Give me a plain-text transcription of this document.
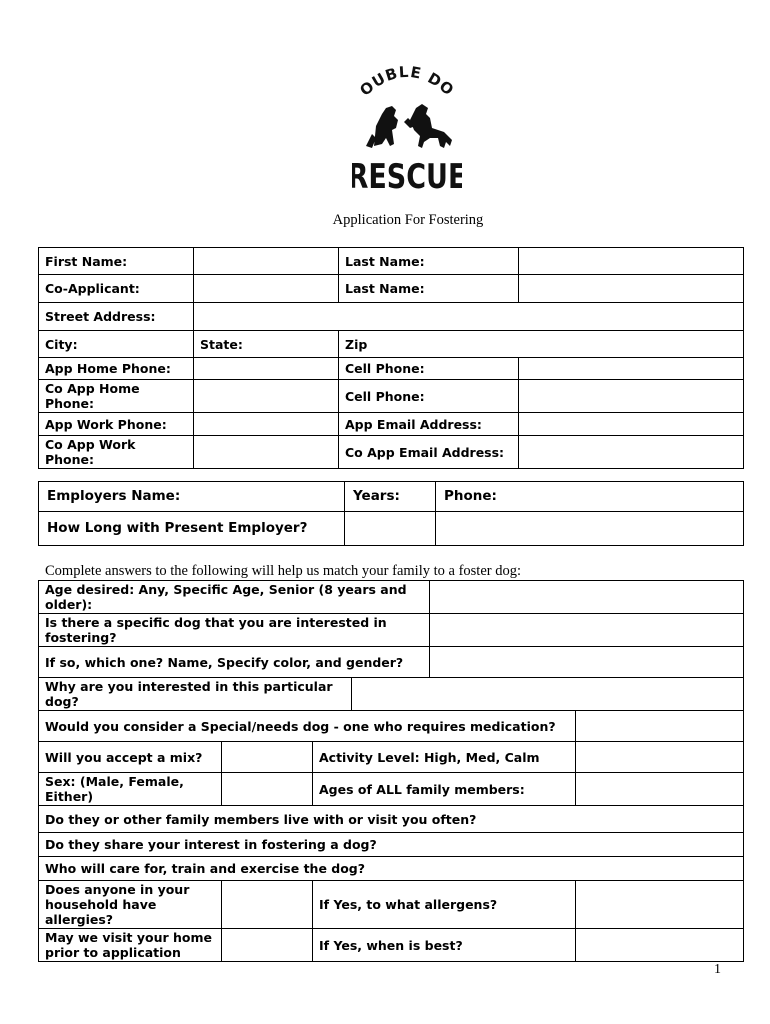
OUBLE DO
RESCUE
Application For Fostering
First Name:		Last Name:	
Co-Applicant:		Last Name:	
Street Address:			
City:	State:	Zip	
App Home Phone:		Cell Phone:	
Co App Home Phone:		Cell Phone:	
App Work Phone:		App Email Address:	
Co App Work Phone:		Co App Email Address:	
Employers Name:	Years:	Phone:
How Long with Present Employer?		
Complete answers to the following will help us match your family to a foster dog:
Age desired: Any, Specific Age, Senior (8 years and older):					
Is there a specific dog that you are interested in fostering?					
If so, which one? Name, Specify color, and gender?					
Why are you interested in this particular dog?					
Would you consider a Special/needs dog - one who requires medication?					
Will you accept a mix?		Activity Level: High, Med, Calm			
Sex: (Male, Female, Either)		Ages of ALL family members:			
Do they or other family members live with or visit you often?					
Do they share your interest in fostering a dog?					
Who will care for, train and exercise the dog?					
Does anyone in your household have allergies?		If Yes, to what allergens?			
May we visit your home prior to application		If Yes, when is best?			
1
